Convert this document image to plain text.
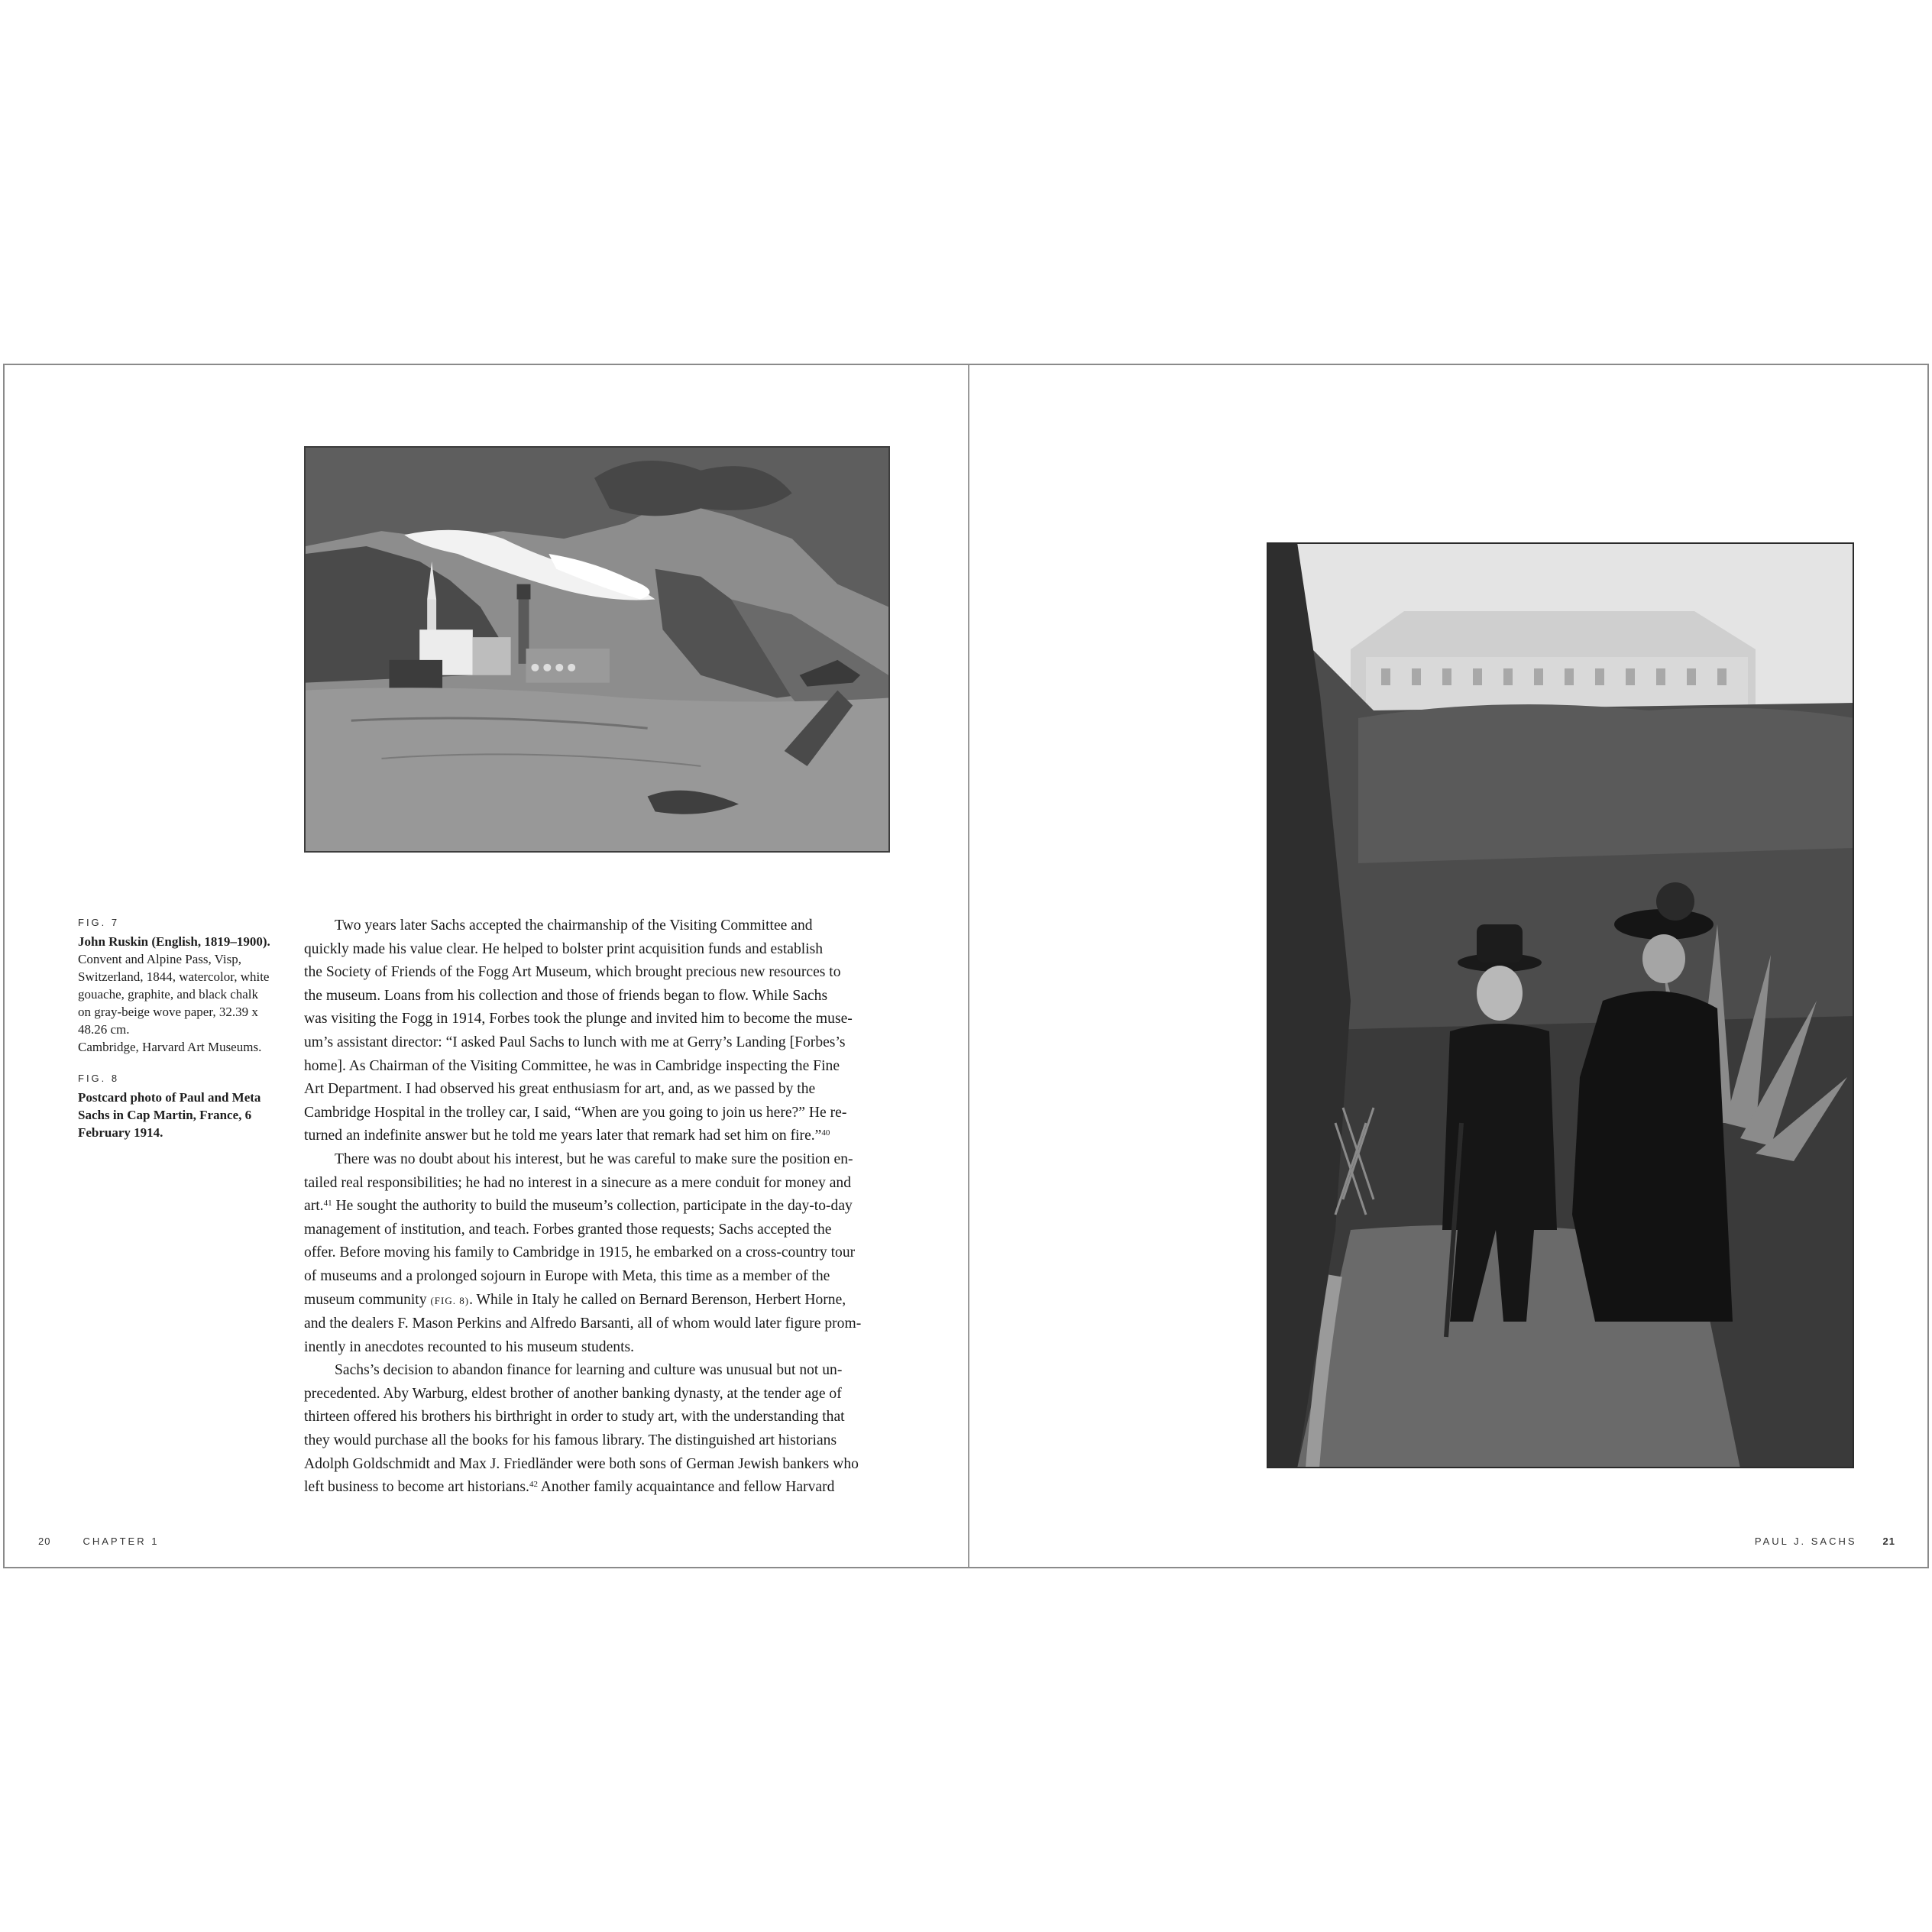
FIG. 7
John Ruskin (English, 1819–1900).
Convent and Alpine Pass, Visp,
Switzerland, 1844, watercolor, white
gouache, graphite, and black chalk
on gray-beige wove paper, 32.39 x
48.26 cm.
Cambridge, Harvard Art Museums.
FIG. 8
Postcard photo of Paul and Meta
Sachs in Cap Martin, France, 6
February 1914.
Two years later Sachs accepted the chairmanship of the Visiting Committee and
quickly made his value clear. He helped to bolster print acquisition funds and establish
the Society of Friends of the Fogg Art Museum, which brought precious new resources to
the museum. Loans from his collection and those of friends began to flow. While Sachs
was visiting the Fogg in 1914, Forbes took the plunge and invited him to become the muse-
um’s assistant director: “I asked Paul Sachs to lunch with me at Gerry’s Landing [Forbes’s
home]. As Chairman of the Visiting Committee, he was in Cambridge inspecting the Fine
Art Department. I had observed his great enthusiasm for art, and, as we passed by the
Cambridge Hospital in the trolley car, I said, “When are you going to join us here?” He re-
turned an indefinite answer but he told me years later that remark had set him on fire.”$^{40}$
There was no doubt about his interest, but he was careful to make sure the position en-
tailed real responsibilities; he had no interest in a sinecure as a mere conduit for money and
art.$^{41}$ He sought the authority to build the museum’s collection, participate in the day-to-day
management of institution, and teach. Forbes granted those requests; Sachs accepted the
offer. Before moving his family to Cambridge in 1915, he embarked on a cross-country tour
of museums and a prolonged sojourn in Europe with Meta, this time as a member of the
museum community (FIG. 8). While in Italy he called on Bernard Berenson, Herbert Horne,
and the dealers F. Mason Perkins and Alfredo Barsanti, all of whom would later figure prom-
inently in anecdotes recounted to his museum students.
Sachs’s decision to abandon finance for learning and culture was unusual but not un-
precedented. Aby Warburg, eldest brother of another banking dynasty, at the tender age of
thirteen offered his brothers his birthright in order to study art, with the understanding that
they would purchase all the books for his famous library. The distinguished art historians
Adolph Goldschmidt and Max J. Friedländer were both sons of German Jewish bankers who
left business to become art historians.$^{42}$ Another family acquaintance and fellow Harvard
20	CHAPTER 1	PAUL J. SACHS	21
